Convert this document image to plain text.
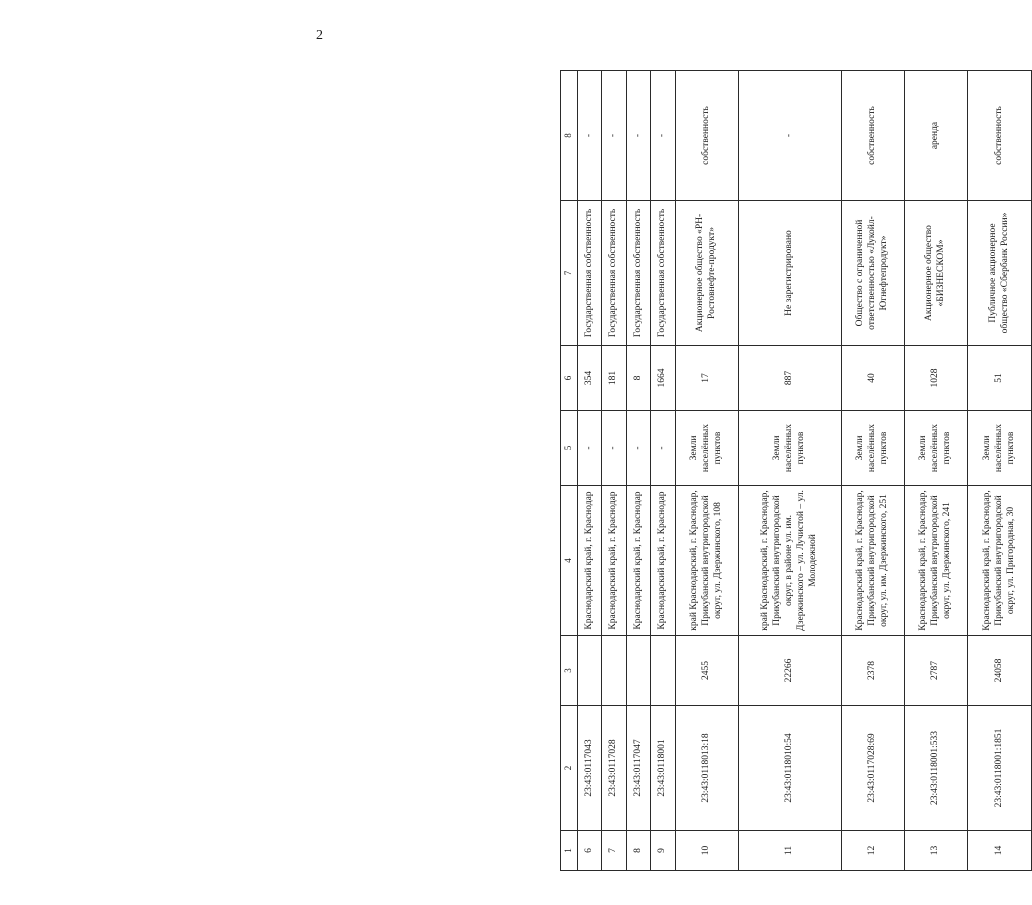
2
1	2	3	4	5	6	7	8
6	23:43:0117043		Краснодарский край, г. Краснодар	-	354	Государственная собственность	-
7	23:43:0117028		Краснодарский край, г. Краснодар	-	181	Государственная собственность	-
8	23:43:0117047		Краснодарский край, г. Краснодар	-	8	Государственная собственность	-
9	23:43:0118001		Краснодарский край, г. Краснодар	-	1664	Государственная собственность	-
10	23:43:0118013:18	2455	край Краснодарский, г. Краснодар, Прикубанский внутригородской округ, ул. Дзержинского, 108	Земли населённых пунктов	17	Акционерное общество «РН-Ростовнефте-продукт»	собственность
11	23:43:0118010:54	22266	край Краснодарский, г. Краснодар, Прикубанский внутригородской округ, в районе ул. им. Дзержинского – ул. Лучистой – ул. Молодежной	Земли населённых пунктов	887	Не зарегистрировано	-
12	23:43:0117028:69	2378	Краснодарский край, г. Краснодар, Прикубанский внутригородской округ, ул. им. Дзержинского, 251	Земли населённых пунктов	40	Общество с ограниченной ответственностью «Лукойл-Югнефтепродукт»	собственность
13	23:43:0118001:533	2787	Краснодарский край, г. Краснодар, Прикубанский внутригородской округ, ул. Дзержинского, 241	Земли населённых пунктов	1028	Акционерное общество «БИЗНЕСКОМ»	аренда
14	23:43:0118001:1851	24058	Краснодарский край, г. Краснодар, Прикубанский внутригородской округ, ул. Пригородная, 30	Земли населённых пунктов	51	Публичное акционерное общество «Сбербанк России»	собственность
